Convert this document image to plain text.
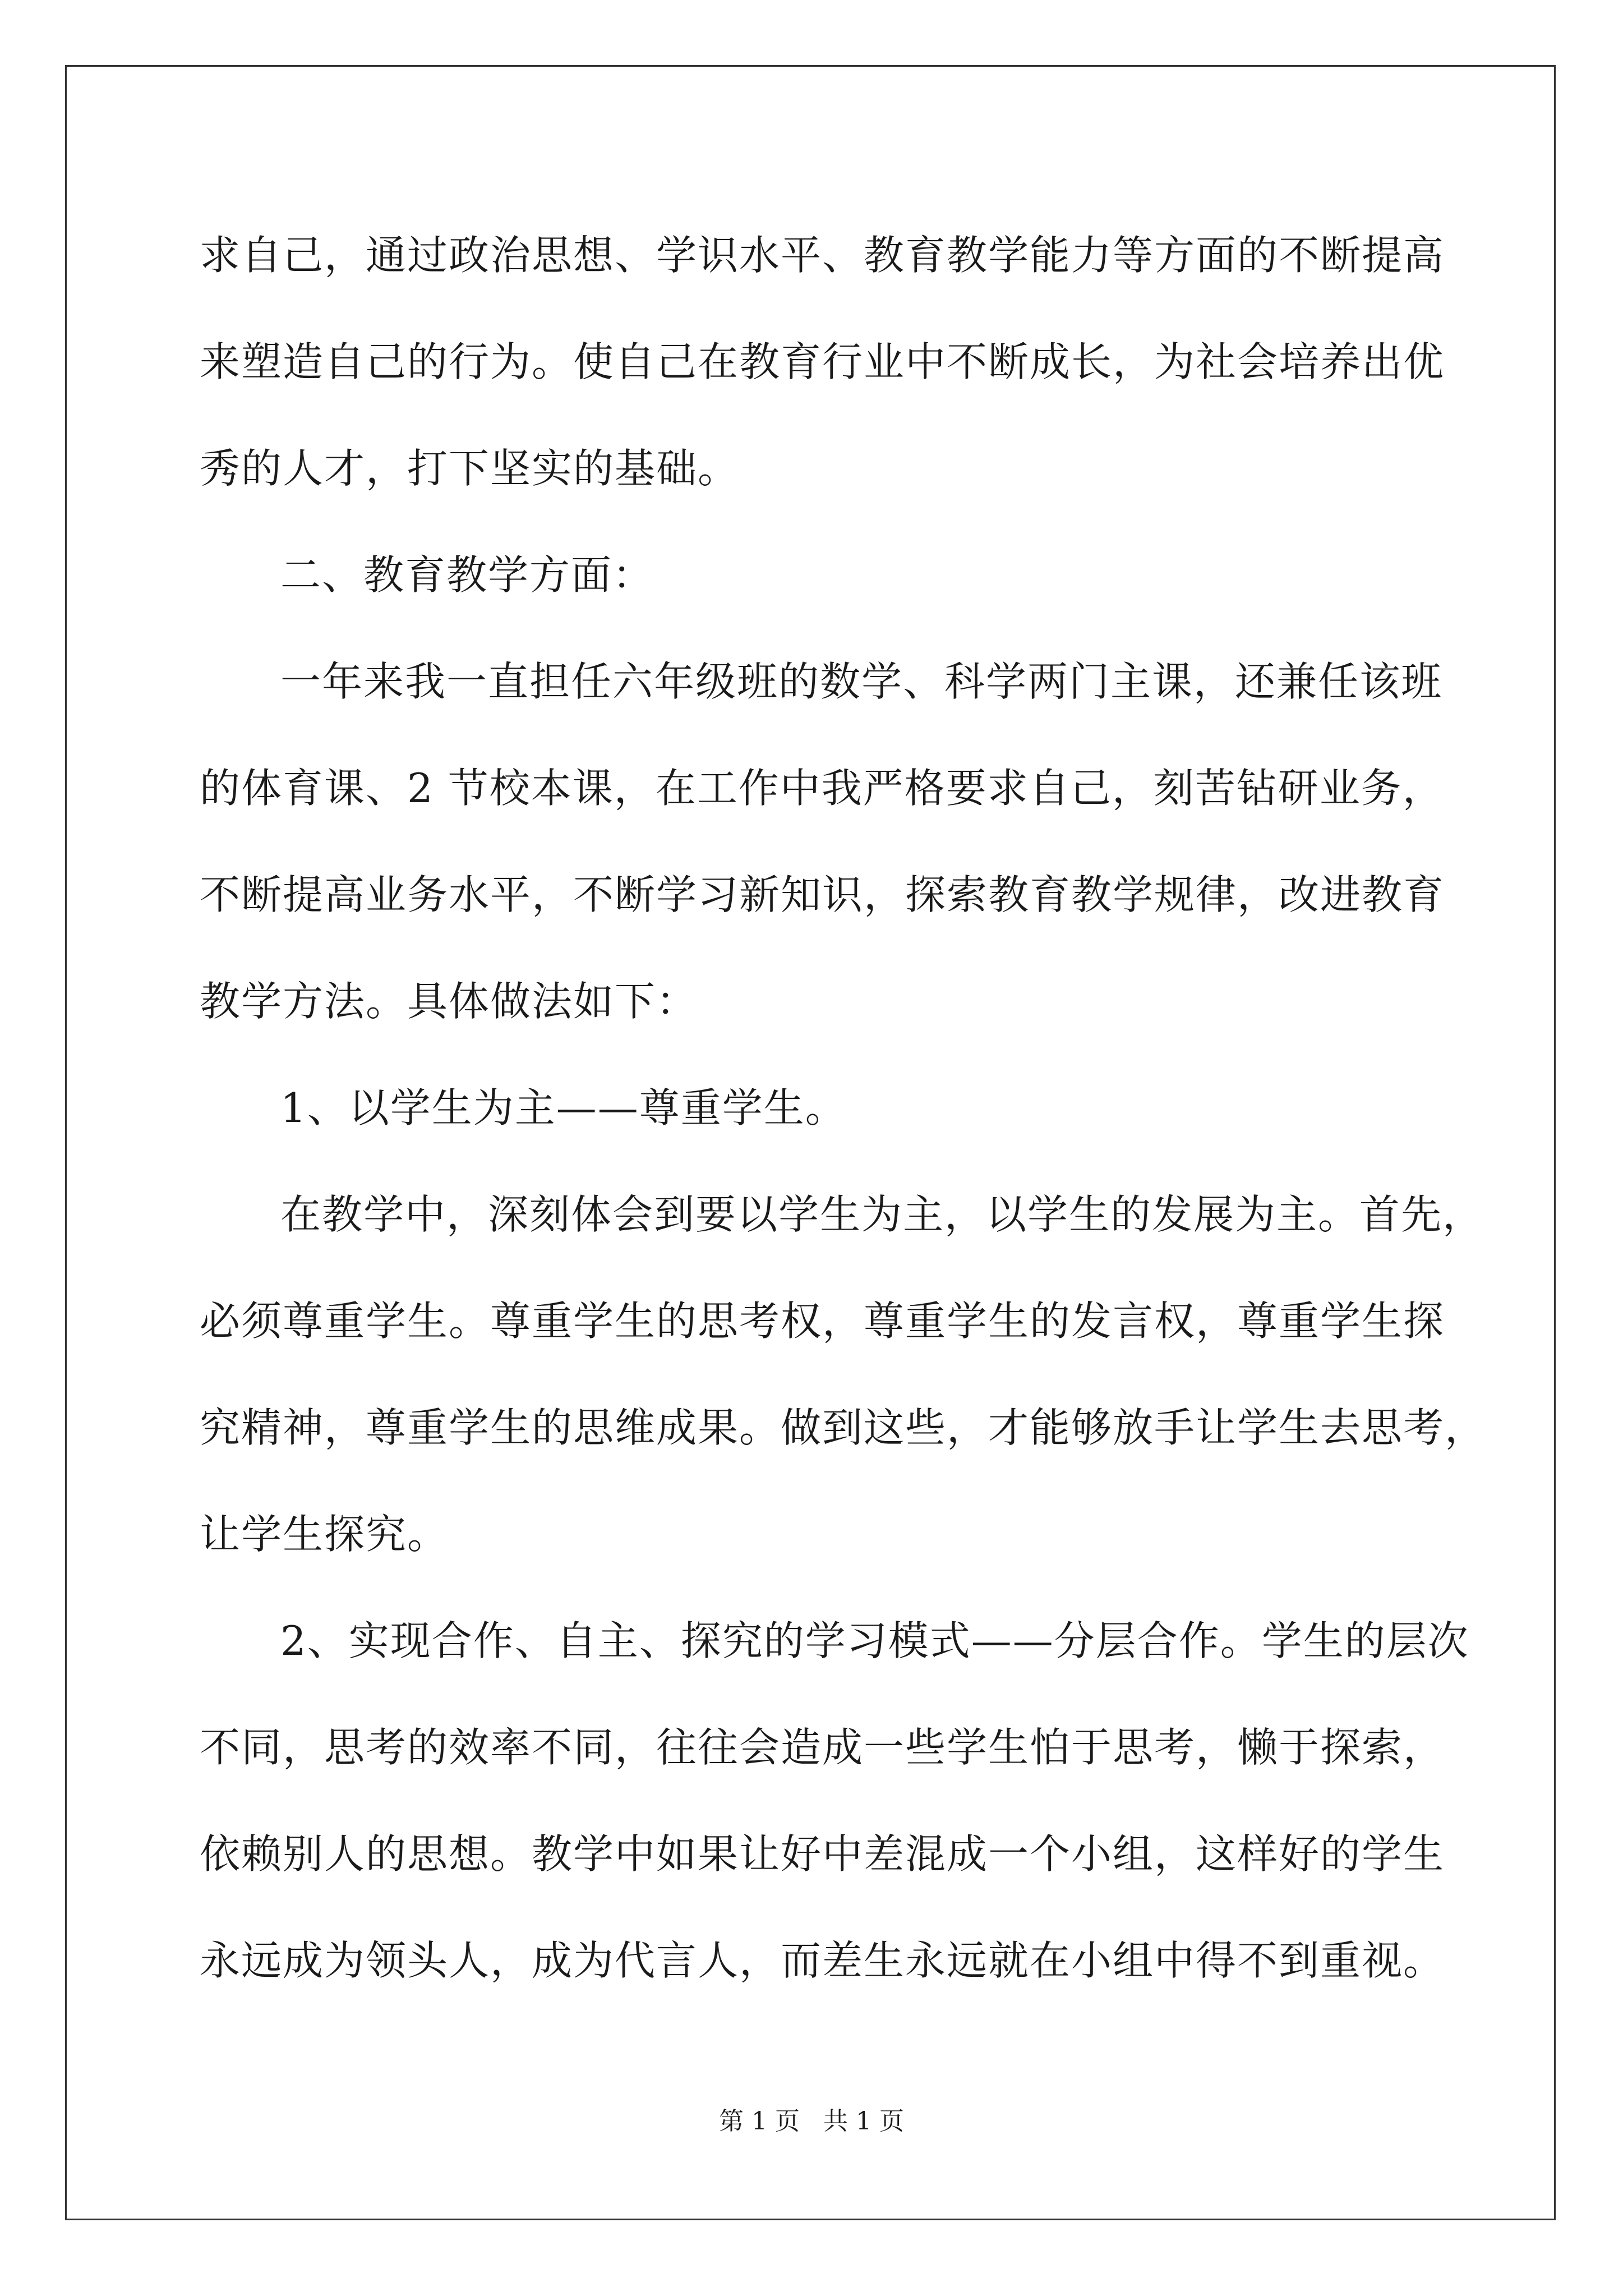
求自己，通过政治思想、学识水平、教育教学能力等方面的不断提高
来塑造自己的行为。使自己在教育行业中不断成长，为社会培养出优
秀的人才，打下坚实的基础。
二、教育教学方面：
一年来我一直担任六年级班的数学、科学两门主课，还兼任该班
的体育课、2 节校本课，在工作中我严格要求自己，刻苦钻研业务，
不断提高业务水平，不断学习新知识，探索教育教学规律，改进教育
教学方法。具体做法如下：
1、以学生为主——尊重学生。
在教学中，深刻体会到要以学生为主，以学生的发展为主。首先，
必须尊重学生。尊重学生的思考权，尊重学生的发言权，尊重学生探
究精神，尊重学生的思维成果。做到这些，才能够放手让学生去思考，
让学生探究。
2、实现合作、自主、探究的学习模式——分层合作。学生的层次
不同，思考的效率不同，往往会造成一些学生怕于思考，懒于探索，
依赖别人的思想。教学中如果让好中差混成一个小组，这样好的学生
永远成为领头人，成为代言人，而差生永远就在小组中得不到重视。
第 1 页   共 1 页
